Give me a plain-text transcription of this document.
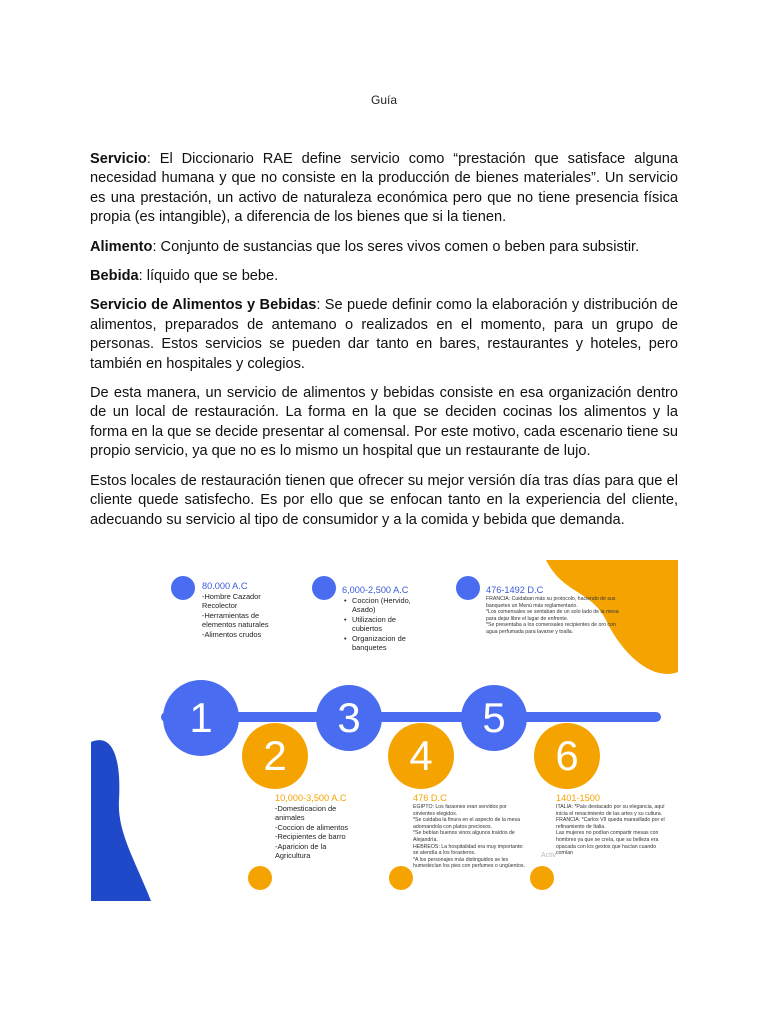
Guía

Servicio: El Diccionario RAE define servicio como “prestación que satisface alguna necesidad humana y que no consiste en la producción de bienes materiales”. Un servicio es una prestación, un activo de naturaleza económica pero que no tiene presencia física propia (es intangible), a diferencia de los bienes que si la tienen.

Alimento: Conjunto de sustancias que los seres vivos comen o beben para subsistir.

Bebida: líquido que se bebe.

Servicio de Alimentos y Bebidas: Se puede definir como la elaboración y distribución de alimentos, preparados de antemano o realizados en el momento, para un grupo de personas. Estos servicios se pueden dar tanto en bares, restaurantes y hoteles, pero también en hospitales y colegios.

De esta manera, un servicio de alimentos y bebidas consiste en esa organización dentro de un local de restauración. La forma en la que se deciden cocinas los alimentos y la forma en la que se decide presentar al comensal. Por este motivo, cada escenario tiene su propio servicio, ya que no es lo mismo un hospital que un restaurante de lujo.

Estos locales de restauración tienen que ofrecer su mejor versión día tras días para que el cliente quede satisfecho. Es por ello que se enfocan tanto en la experiencia del cliente, adecuando su servicio al tipo de consumidor y a la comida y bebida que demanda.

1
2
3
4
5
6
80.000 A.C
-Hombre Cazador Recolector
-Herramientas de elementos naturales
-Alimentos crudos
6,000-2,500 A.C
• Coccion (Hervido, Asado)
• Utilizacion de cubiertos
• Organizacion de banquetes
476-1492 D.C
FRANCIA: Cuidaban más su protocolo, haciendo de sus banquetes un Menú más reglamentario.
*Los comensales se sentaban de un solo lado de la mesa para dejar libre el lugar de enfrente.
*Se presentaba a los comensales recipientes de oro con agua perfumada para lavarse y toalla.
10,000-3,500 A.C
-Domesticacion de animales
-Coccion de alimentos
-Recipientes de barro
-Aparicion de la Agricultura
476 D.C
EGIPTO: Los faraones eran servidos por sirvientes elegidos.
*Se cuidaba la finura en el aspecto de la mesa adornandola con platos preciosos.
*Se bebían buenos vinos algunos traídos de Alejandría.
HEBREOS: La hospitalidad era muy importante: se atendía a los forasteros.
*A los personajes más distinguidos se les humedecían los pies con perfumes o ungüentos.
1401-1500
ITALIA: *País destacado por su elegancia, aquí inicia el renacimiento de las artes y su cultura.
FRANCIA: *Carlos VII queda maravillado por el refinamiento de Italia.
Las mujeres no podían compartir mesas con hombres ya que se creía, que su belleza era opacada con los gestos que hacían cuando comían
Activ
